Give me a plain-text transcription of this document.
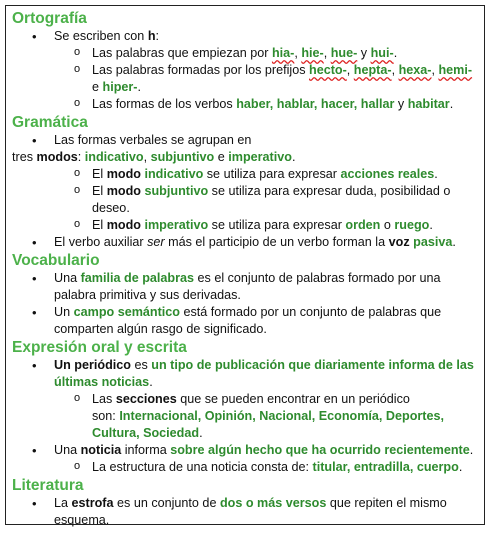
Ortografía
• Se escriben con h:
o Las palabras que empiezan por hia-, hie-, hue- y hui-.
o Las palabras formadas por los prefijos hecto-, hepta-, hexa-, hemi- e hiper-.
o Las formas de los verbos haber, hablar, hacer, hallar y habitar.
Gramática
• Las formas verbales se agrupan en
tres modos: indicativo, subjuntivo e imperativo.
o El modo indicativo se utiliza para expresar acciones reales.
o El modo subjuntivo se utiliza para expresar duda, posibilidad o deseo.
o El modo imperativo se utiliza para expresar orden o ruego.
• El verbo auxiliar ser más el participio de un verbo forman la voz pasiva.
Vocabulario
• Una familia de palabras es el conjunto de palabras formado por una palabra primitiva y sus derivadas.
• Un campo semántico está formado por un conjunto de palabras que comparten algún rasgo de significado.
Expresión oral y escrita
• Un periódico es un tipo de publicación que diariamente informa de las últimas noticias.
o Las secciones que se pueden encontrar en un periódico
son: Internacional, Opinión, Nacional, Economía, Deportes, Cultura, Sociedad.
• Una noticia informa sobre algún hecho que ha ocurrido recientemente.
o La estructura de una noticia consta de: titular, entradilla, cuerpo.
Literatura
• La estrofa es un conjunto de dos o más versos que repiten el mismo esquema.
